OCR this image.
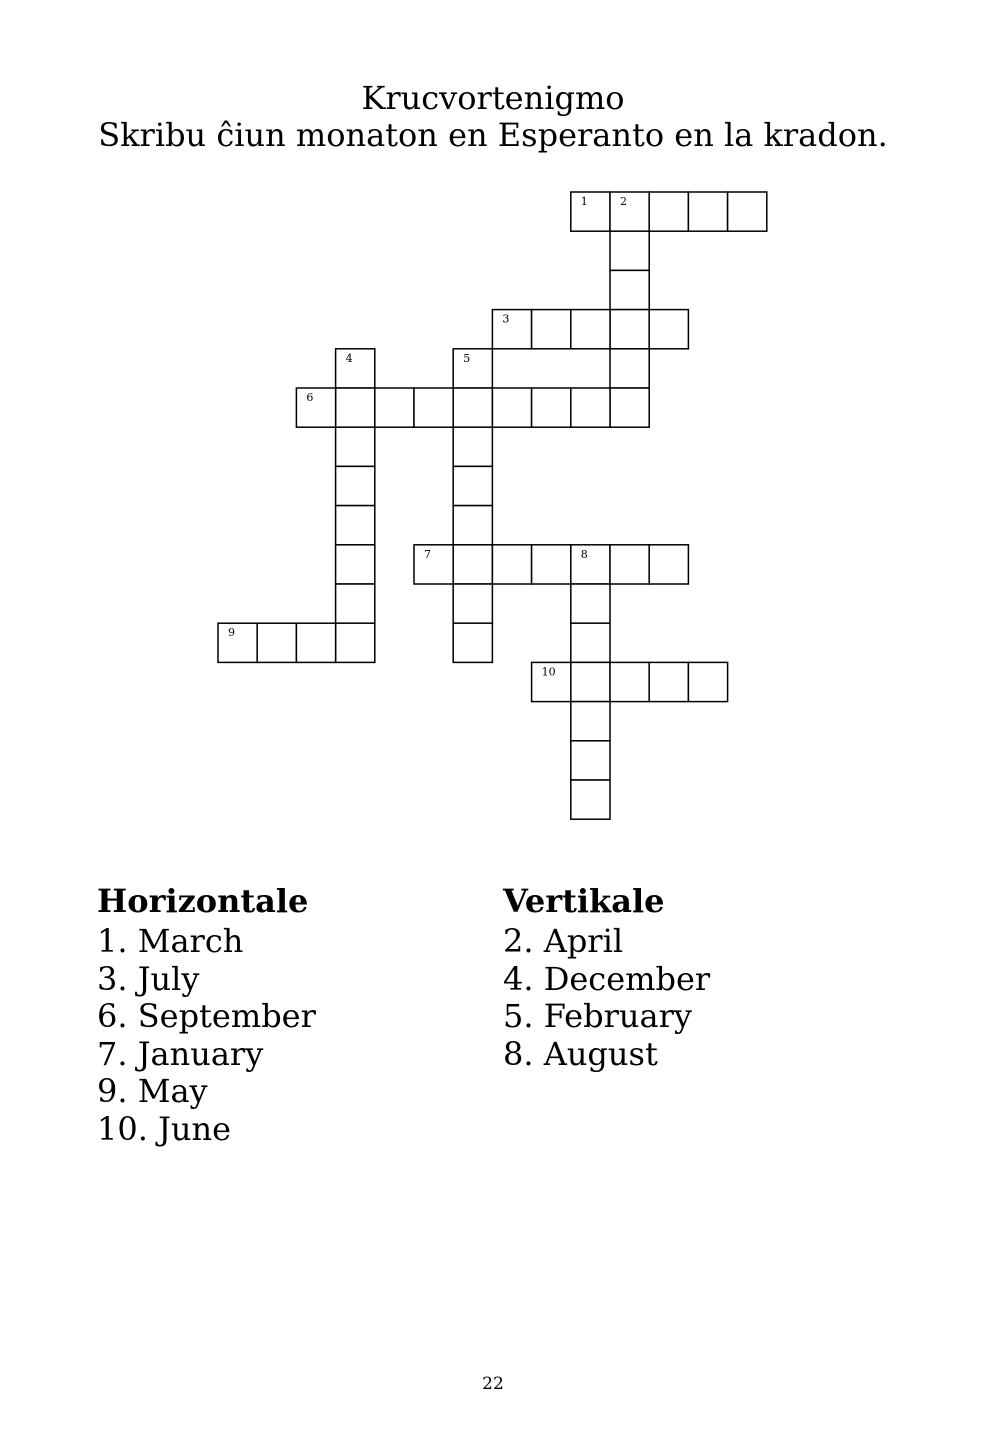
Krucvortenigmo
Skribu ĉiun monaton en Esperanto en la kradon.
1	2
3
4	5
6
7	8
9
10
Horizontale
1. March
3. July
6. September
7. January
9. May
10. June
Vertikale
2. April
4. December
5. February
8. August
22
